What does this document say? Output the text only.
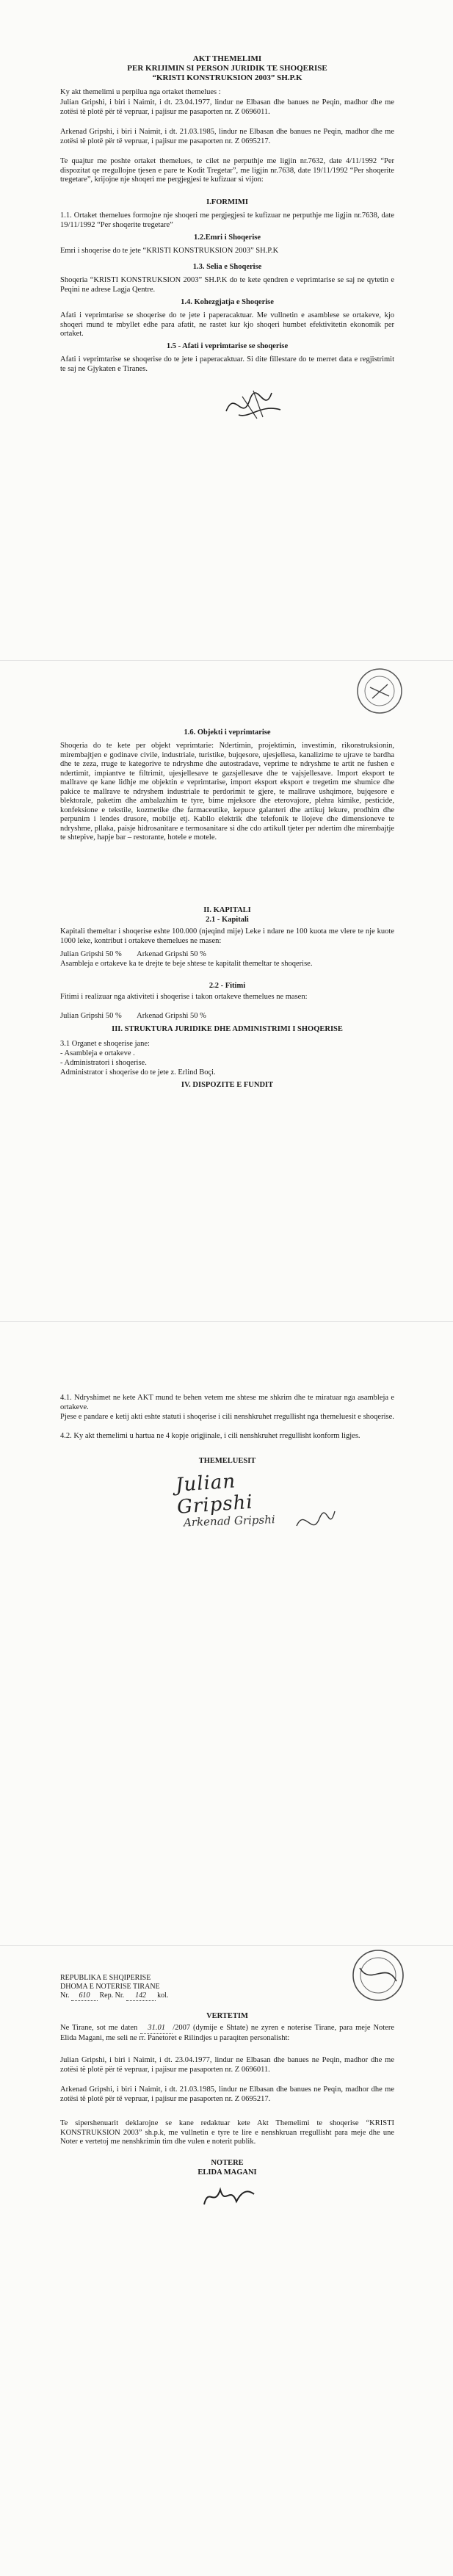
AKT THEMELIMI
PER KRIJIMIN SI PERSON JURIDIK TE SHOQERISE
“KRISTI KONSTRUKSION 2003” SH.P.K
Ky akt themelimi u perpilua nga ortaket themelues :
Julian Gripshi, i biri i Naimit, i dt. 23.04.1977, lindur ne Elbasan dhe banues ne Peqin, madhor dhe me zotësi të plotë për të vepruar, i pajisur me pasaporten nr. Z 0696011.
Arkenad Gripshi, i biri i Naimit, i dt. 21.03.1985, lindur ne Elbasan dhe banues ne Peqin, madhor dhe me zotësi të plotë për të vepruar, i pajisur me pasaporten nr. Z 0695217.
Te quajtur me poshte ortaket themelues, te cilet ne perputhje me ligjin nr.7632, date 4/11/1992 “Per dispozitat qe rregullojne tjesen e pare te Kodit Tregetar”, me ligjin nr.7638, date 19/11/1992 “Per shoqerite tregetare”, krijojne nje shoqeri me pergjegjesi te kufizuar si vijon:
I.FORMIMI
1.1. Ortaket themelues formojne nje shoqeri me pergjegjesi te kufizuar ne perputhje me ligjin nr.7638, date 19/11/1992 “Per shoqerite tregetare”
1.2.Emri i Shoqerise
Emri i shoqerise do te jete “KRISTI KONSTRUKSION 2003” SH.P.K
1.3. Selia e Shoqerise
Shoqeria “KRISTI KONSTRUKSION 2003” SH.P.K do te kete qendren e veprimtarise se saj ne qytetin e Peqini ne adrese Lagja Qentre.
1.4. Kohezgjatja e Shoqerise
Afati i veprimtarise se shoqerise do te jete i paperacaktuar. Me vullnetin e asamblese se ortakeve, kjo shoqeri mund te mbyllet edhe para afatit, ne rastet kur kjo shoqeri humbet efektivitetin ekonomik per ortaket.
1.5 - Afati i veprimtarise se shoqerise
Afati i veprimtarise se shoqerise do te jete i paperacaktuar. Si dite fillestare do te merret data e regjistrimit te saj ne Gjykaten e Tiranes.
1.6. Objekti i veprimtarise
Shoqeria do te kete per objekt veprimtarie: Ndertimin, projektimin, investimin, rikonstruksionin, mirembajtjen e godinave civile, industriale, turistike, bujqesore, ujesjellesa, kanalizime te ujrave te bardha dhe te zeza, rruge te kategorive te ndryshme dhe autostradave, veprime te ndryshme te artit ne fushen e ndertimit, impiantve te filtrimit, ujesjellesave te gazsjellesave dhe te vajsjellesave. Import eksport te mallrave qe kane lidhje me objektin e veprimtarise, import eksport eksport e tregetim me shumice dhe pakice te mallrave te ndryshem industriale te perdorimit te gjere, te mallrave ushqimore, bujqesore e blektorale, paketim dhe ambalazhim te tyre, bime mjeksore dhe eterovajore, plehra kimike, pesticide, konfeksione e tekstile, kozmetike dhe farmaceutike, kepuce galanteri dhe artikuj lekure, prodhim dhe perpunim i lendes drusore, mobilje etj. Kabllo elektrik dhe telefonik te llojeve dhe dimensioneve te ndryshme, pllaka, paisje hidrosanitare e termosanitare si dhe cdo artikull tjeter per ndertim dhe mirembajtje te shtepive, hapje bar – restorante, hotele e motele.
II. KAPITALI
2.1 - Kapitali
Kapitali themeltar i shoqerise eshte 100.000 (njeqind mije) Leke i ndare ne 100 kuota me vlere te nje kuote 1000 leke, kontribut i ortakeve themelues ne masen:
Julian Gripshi 50 %        Arkenad Gripshi 50 %
Asambleja e ortakeve ka te drejte te beje shtese te kapitalit themeltar te shoqerise.
2.2 - Fitimi
Fitimi i realizuar nga aktiviteti i shoqerise i takon ortakeve themelues ne masen:
Julian Gripshi 50 %        Arkenad Gripshi 50 %
III. STRUKTURA JURIDIKE DHE ADMINISTRIMI I SHOQERISE
3.1 Organet e shoqerise jane:
- Asambleja e ortakeve .
- Administratori i shoqerise.
Administrator i shoqerise do te jete z. Erlind Boçi.
IV. DISPOZITE E FUNDIT
4.1. Ndryshimet ne kete AKT mund te behen vetem me shtese me shkrim dhe te miratuar nga asambleja e ortakeve.
Pjese e pandare e ketij akti eshte statuti i shoqerise i cili nenshkruhet rregullisht nga themeluesit e shoqerise.
4.2. Ky akt themelimi u hartua ne 4 kopje origjinale, i cili nenshkruhet rregullisht konform ligjes.
THEMELUESIT
Julian Gripshi
Arkenad Gripshi
REPUBLIKA E SHQIPERISE
DHOMA E NOTERISE TIRANE
Nr. 610 Rep. Nr. 142 kol.
VERTETIM
Ne Tirane, sot me daten 31.01 /2007 (dymije e Shtate) ne zyren e noterise Tirane, para meje Notere Elida Magani, me seli ne rr. Panetoret e Rilindjes u paraqiten personalisht:
Julian Gripshi, i biri i Naimit, i dt. 23.04.1977, lindur ne Elbasan dhe banues ne Peqin, madhor dhe me zotësi të plotë për të vepruar, i pajisur me pasaporten nr. Z 0696011.
Arkenad Gripshi, i biri i Naimit, i dt. 21.03.1985, lindur ne Elbasan dhe banues ne Peqin, madhor dhe me zotësi të plotë për të vepruar, i pajisur me pasaporten nr. Z 0695217.
Te sipershenuarit deklarojne se kane redaktuar kete Akt Themelimi te shoqerise “KRISTI KONSTRUKSION 2003” sh.p.k, me vullnetin e tyre te lire e nenshkruan rregullisht para meje dhe une Noter e vertetoj me nenshkrimin tim dhe vulen e noterit publik.
NOTERE
ELIDA MAGANI
